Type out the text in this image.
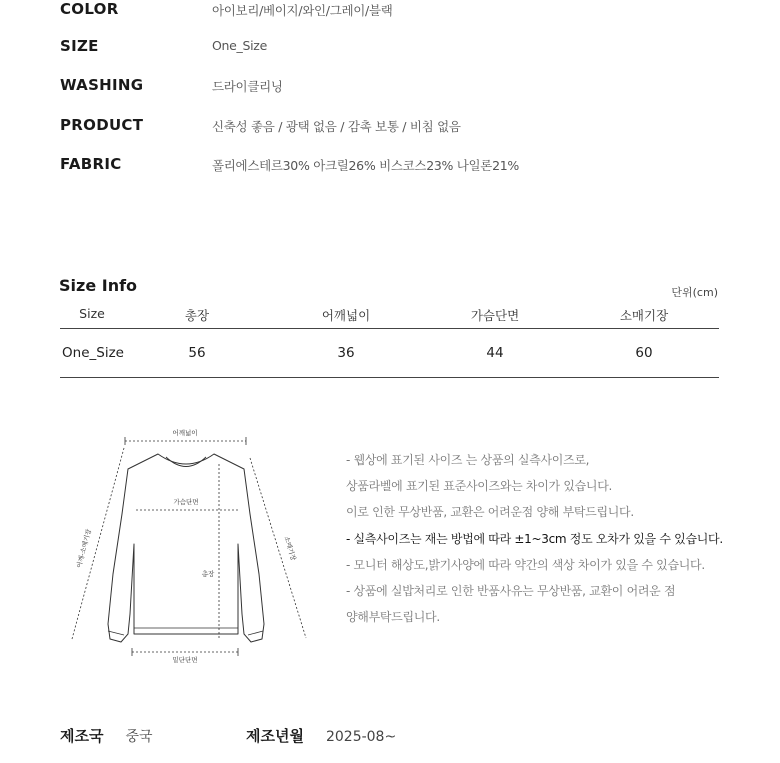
COLOR	아이보리/베이지/와인/그레이/블랙
SIZE	One_Size
WASHING	드라이클리닝
PRODUCT	신축성 좋음 / 광택 없음 / 감촉 보통 / 비침 없음
FABRIC	폴리에스테르30% 아크릴26% 비스코스23% 나일론21%
Size Info	단위(cm)
Size	총장	어깨넓이	가슴단면	소매기장
One_Size	56	36	44	60
어깨넓이
가슴단면
총장
어깨-소매기장	소매기장
밑단단면
- 웹상에 표기된 사이즈 는 상품의 실측사이즈로,
상품라벨에 표기된 표준사이즈와는 차이가 있습니다.
이로 인한 무상반품, 교환은 어려운점 양해 부탁드립니다.
- 실측사이즈는 재는 방법에 따라 ±1~3cm 정도 오차가 있을 수 있습니다.
- 모니터 해상도,밝기사양에 따라 약간의 색상 차이가 있을 수 있습니다.
- 상품에 실밥처리로 인한 반품사유는 무상반품, 교환이 어려운 점
양해부탁드립니다.
제조국 중국	제조년월 2025-08~
